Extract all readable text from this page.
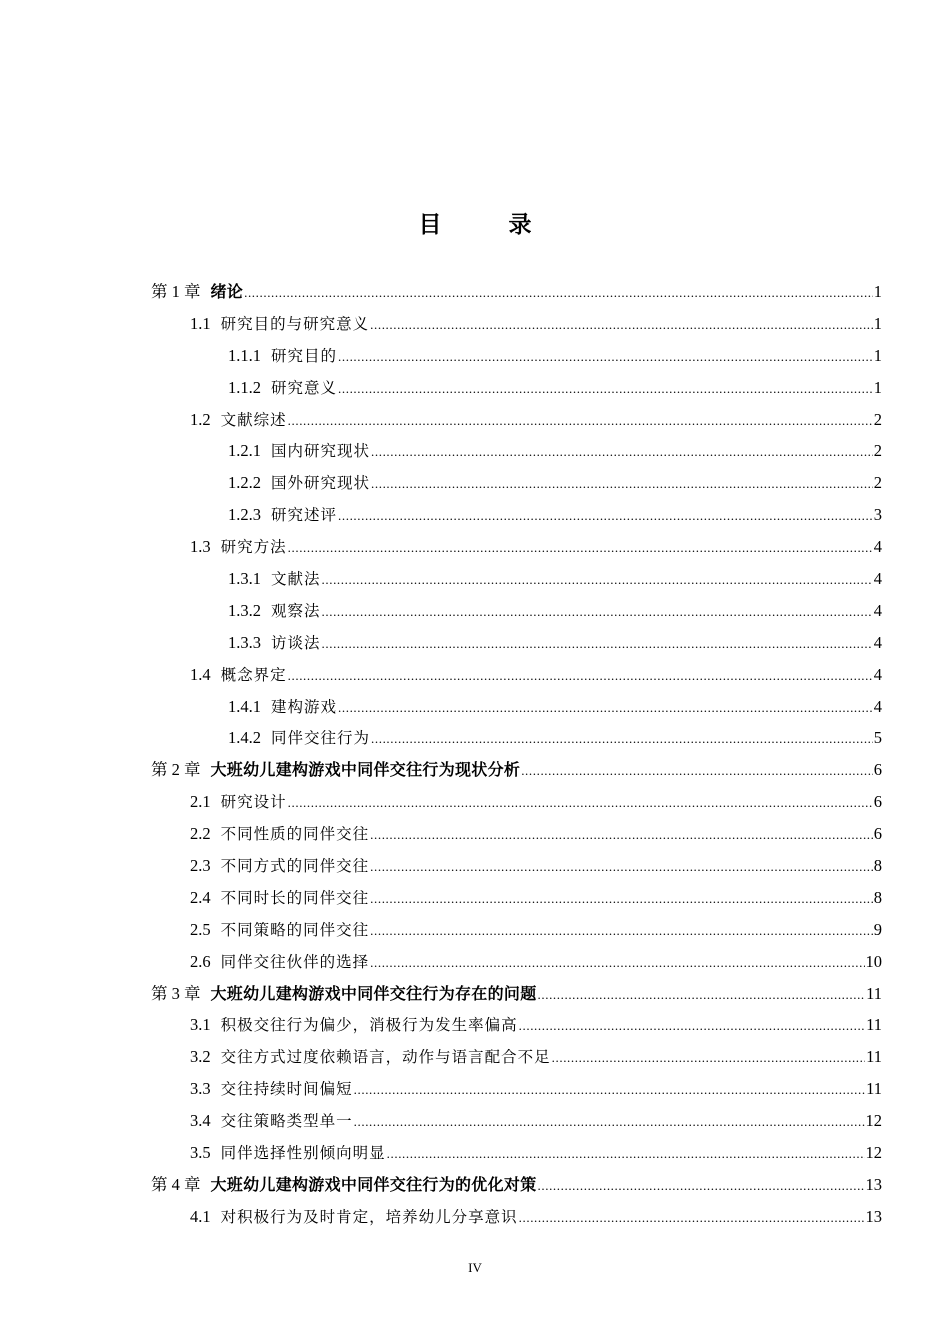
目　录
第 1 章 绪论 .....	1
1.1 研究目的与研究意义 .....	1
1.1.1 研究目的 .....	1
1.1.2 研究意义 .....	1
1.2 文献综述 .....	2
1.2.1 国内研究现状 .....	2
1.2.2 国外研究现状 .....	2
1.2.3 研究述评 .....	3
1.3 研究方法 .....	4
1.3.1 文献法 .....	4
1.3.2 观察法 .....	4
1.3.3 访谈法 .....	4
1.4 概念界定 .....	4
1.4.1 建构游戏 .....	4
1.4.2 同伴交往行为 .....	5
第 2 章 大班幼儿建构游戏中同伴交往行为现状分析 .....	6
2.1 研究设计 .....	6
2.2 不同性质的同伴交往 .....	6
2.3 不同方式的同伴交往 .....	8
2.4 不同时长的同伴交往 .....	8
2.5 不同策略的同伴交往 .....	9
2.6 同伴交往伙伴的选择 .....	10
第 3 章 大班幼儿建构游戏中同伴交往行为存在的问题 .....	11
3.1 积极交往行为偏少，消极行为发生率偏高 .....	11
3.2 交往方式过度依赖语言，动作与语言配合不足 .....	11
3.3 交往持续时间偏短 .....	11
3.4 交往策略类型单一 .....	12
3.5 同伴选择性别倾向明显 .....	12
第 4 章 大班幼儿建构游戏中同伴交往行为的优化对策 .....	13
4.1 对积极行为及时肯定，培养幼儿分享意识 .....	13
IV
